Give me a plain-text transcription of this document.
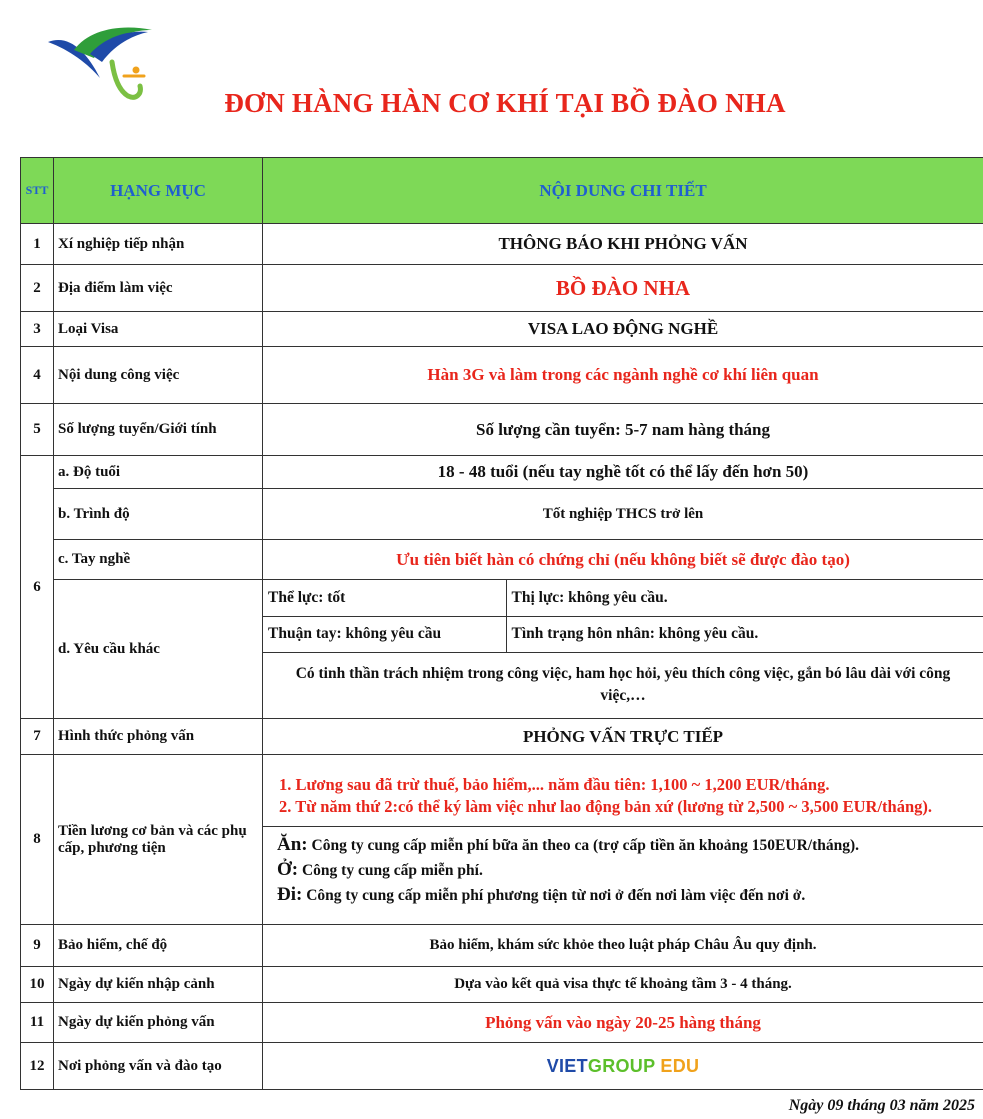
ĐƠN HÀNG HÀN CƠ KHÍ TẠI BỒ ĐÀO NHA
STT	HẠNG MỤC	NỘI DUNG CHI TIẾT
1	Xí nghiệp tiếp nhận	THÔNG BÁO KHI PHỎNG VẤN
2	Địa điểm làm việc	BỒ ĐÀO NHA
3	Loại Visa	VISA LAO ĐỘNG NGHỀ
4	Nội dung công việc	Hàn 3G và làm trong các ngành nghề cơ khí liên quan
5	Số lượng tuyển/Giới tính	Số lượng cần tuyển: 5-7 nam hàng tháng
6	a. Độ tuổi	18 - 48 tuổi (nếu tay nghề tốt có thể lấy đến hơn 50)
b. Trình độ	Tốt nghiệp THCS trở lên
c. Tay nghề	Ưu tiên biết hàn có chứng chỉ (nếu không biết sẽ được đào tạo)
d. Yêu cầu khác	
Thể lực: tốt	Thị lực: không yêu cầu.
Thuận tay: không yêu cầu	Tình trạng hôn nhân: không yêu cầu.
Có tinh thần trách nhiệm trong công việc, ham học hỏi, yêu thích công việc, gắn bó lâu dài với công việc,…

7	Hình thức phỏng vấn	PHỎNG VẤN TRỰC TIẾP
8	Tiền lương cơ bản và các phụ cấp, phương tiện	
1. Lương sau đã trừ thuế, bảo hiểm,... năm đầu tiên: 1,100 ~ 1,200 EUR/tháng.
2. Từ năm thứ 2:có thể ký làm việc như lao động bản xứ (lương từ 2,500 ~ 3,500 EUR/tháng).
Ăn: Công ty cung cấp miễn phí bữa ăn theo ca (trợ cấp tiền ăn khoảng 150EUR/tháng).
Ở: Công ty cung cấp miễn phí.
Đi: Công ty cung cấp miễn phí phương tiện từ nơi ở đến nơi làm việc đến nơi ở.

9	Bảo hiểm, chế độ	Bảo hiểm, khám sức khỏe theo luật pháp Châu Âu quy định.
10	Ngày dự kiến nhập cảnh	Dựa vào kết quả visa thực tế khoảng tầm 3 - 4 tháng.
11	Ngày dự kiến phỏng vấn	Phỏng vấn vào ngày 20-25 hàng tháng
12	Nơi phỏng vấn và đào tạo	VIETGROUP EDU
Ngày 09 tháng 03 năm 2025
